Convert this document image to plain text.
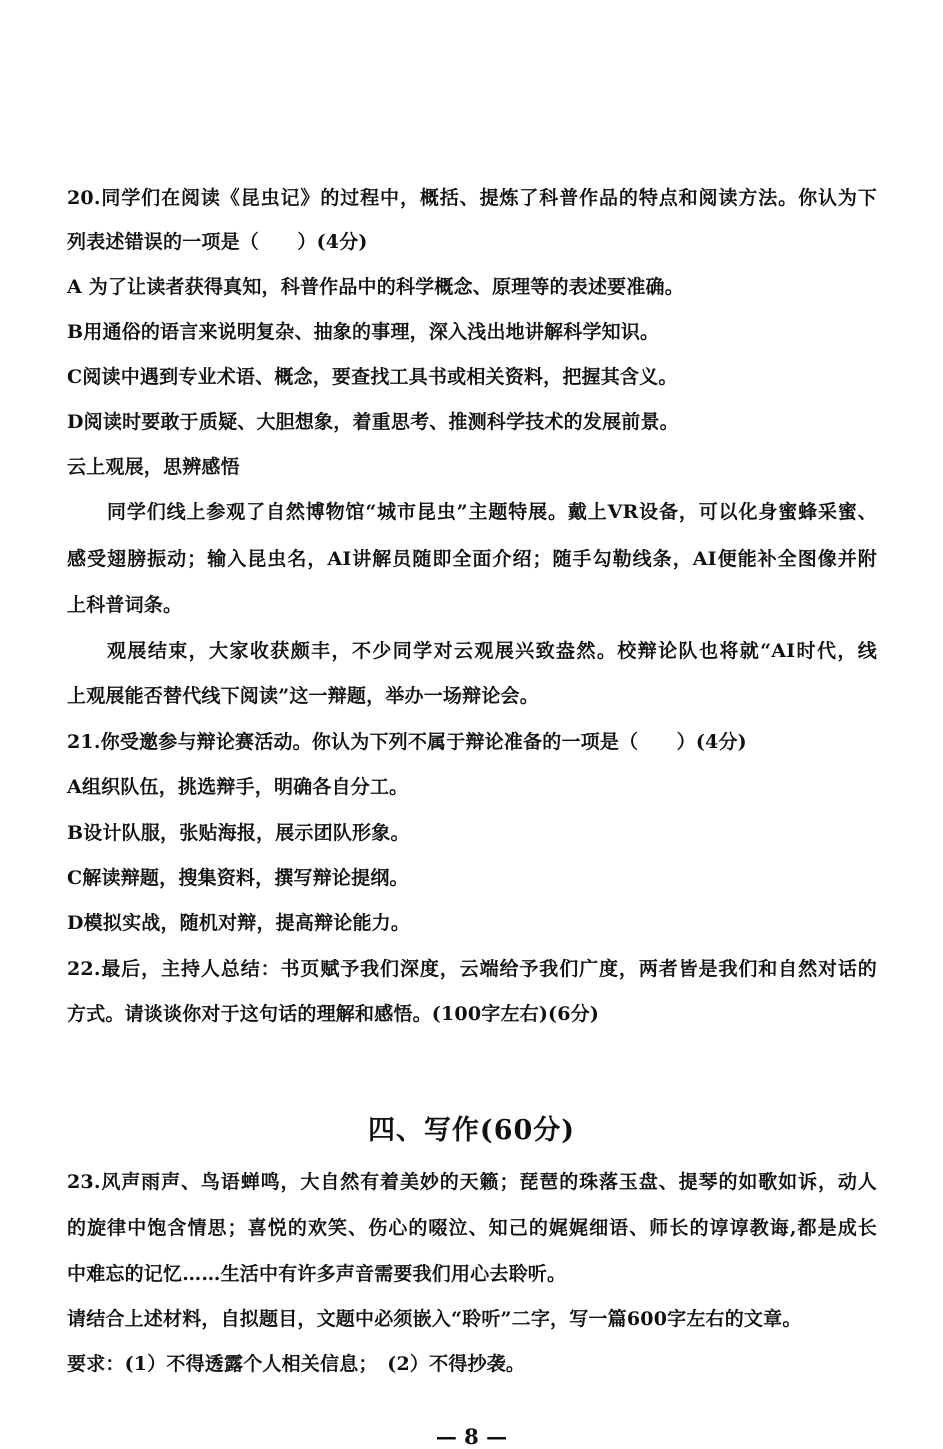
20.同学们在阅读《昆虫记》的过程中，概括、提炼了科普作品的特点和阅读方法。你认为下
列表述错误的一项是（　　）(4分)
A 为了让读者获得真知，科普作品中的科学概念、原理等的表述要准确。
B用通俗的语言来说明复杂、抽象的事理，深入浅出地讲解科学知识。
C阅读中遇到专业术语、概念，要查找工具书或相关资料，把握其含义。
D阅读时要敢于质疑、大胆想象，着重思考、推测科学技术的发展前景。
云上观展，思辨感悟
同学们线上参观了自然博物馆“城市昆虫”主题特展。戴上VR设备，可以化身蜜蜂采蜜、
感受翅膀振动；输入昆虫名，AI讲解员随即全面介绍；随手勾勒线条，AI便能补全图像并附
上科普词条。
观展结束，大家收获颇丰，不少同学对云观展兴致盎然。校辩论队也将就“AI时代，线
上观展能否替代线下阅读”这一辩题，举办一场辩论会。
21.你受邀参与辩论赛活动。你认为下列不属于辩论准备的一项是（　　）(4分)
A组织队伍，挑选辩手，明确各自分工。
B设计队服，张贴海报，展示团队形象。
C解读辩题，搜集资料，撰写辩论提纲。
D模拟实战，随机对辩，提高辩论能力。
22.最后，主持人总结：书页赋予我们深度，云端给予我们广度，两者皆是我们和自然对话的
方式。请谈谈你对于这句话的理解和感悟。(100字左右)(6分)
四、写作(60分)
23.风声雨声、鸟语蝉鸣，大自然有着美妙的天籁；琵琶的珠落玉盘、提琴的如歌如诉，动人
的旋律中饱含情思；喜悦的欢笑、伤心的啜泣、知己的娓娓细语、师长的谆谆教诲,都是成长
中难忘的记忆……生活中有许多声音需要我们用心去聆听。
请结合上述材料，自拟题目，文题中必须嵌入“聆听”二字，写一篇600字左右的文章。
要求：(1）不得透露个人相关信息；　(2）不得抄袭。
— 8 —
